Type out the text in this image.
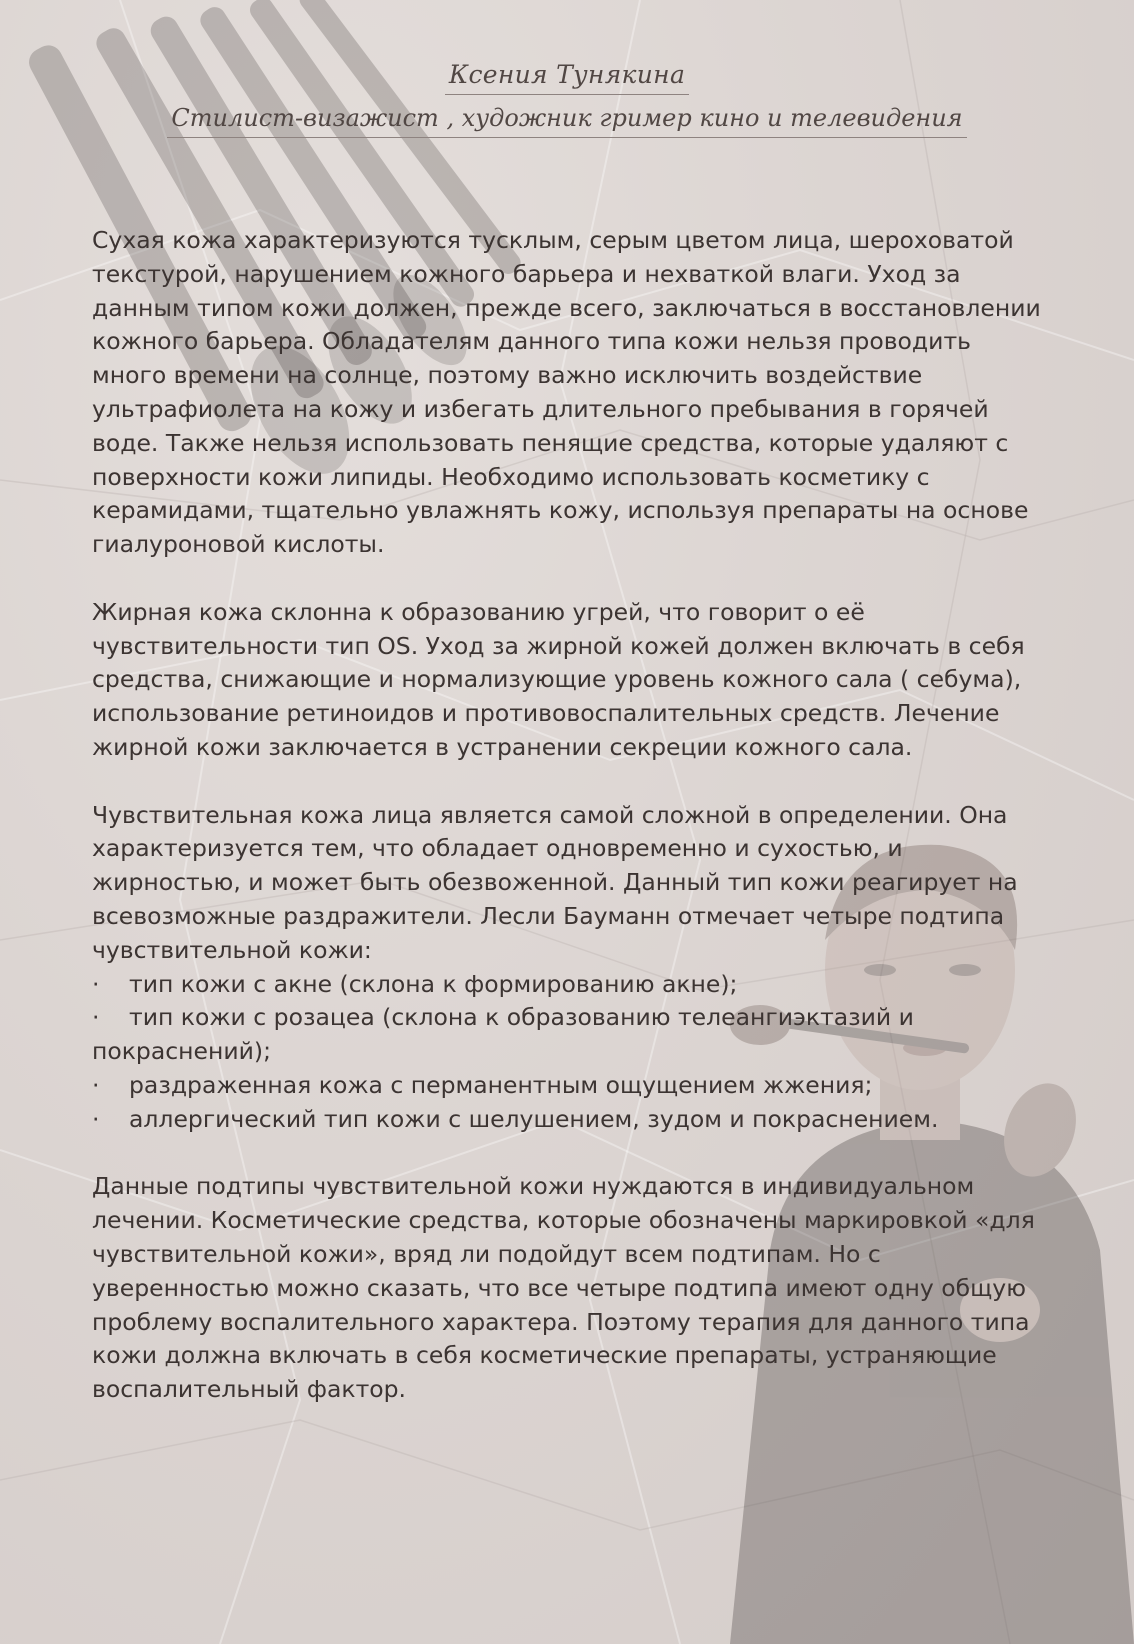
Ксения Тунякина
Стилист-визажист , художник гример кино и телевидения

Сухая кожа характеризуются тусклым, серым цветом лица, шероховатой текстурой, нарушением кожного барьера и нехваткой влаги. Уход за данным типом кожи должен, прежде всего, заключаться в восстановлении кожного барьера. Обладателям данного типа кожи нельзя проводить много времени на солнце, поэтому важно исключить воздействие ультрафиолета на кожу и избегать длительного пребывания в горячей воде. Также нельзя использовать пенящие средства, которые удаляют с поверхности кожи липиды. Необходимо использовать косметику с керамидами, тщательно увлажнять кожу, используя препараты на основе гиалуроновой кислоты.

Жирная кожа склонна к образованию угрей, что говорит о её чувствительности тип OS. Уход за жирной кожей должен включать в себя средства, снижающие и нормализующие уровень кожного сала ( себума), использование ретиноидов и противовоспалительных средств. Лечение жирной кожи заключается в устранении секреции кожного сала.

Чувствительная кожа лица является самой сложной в определении. Она характеризуется тем, что обладает одновременно и сухостью, и жирностью, и может быть обезвоженной. Данный тип кожи реагирует на всевозможные раздражители. Лесли Бауманн отмечает четыре подтипа чувствительной кожи:

· тип кожи с акне (склона к формированию акне);
· тип кожи с розацеа (склона к образованию телеангиэктазий и покраснений);
· раздраженная кожа с перманентным ощущением жжения;
· аллергический тип кожи с шелушением, зудом и покраснением.

Данные подтипы чувствительной кожи нуждаются в индивидуальном лечении. Косметические средства, которые обозначены маркировкой «для чувствительной кожи», вряд ли подойдут всем подтипам. Но с уверенностью можно сказать, что все четыре подтипа имеют одну общую проблему воспалительного характера. Поэтому терапия для данного типа кожи должна включать в себя косметические препараты, устраняющие воспалительный фактор.
